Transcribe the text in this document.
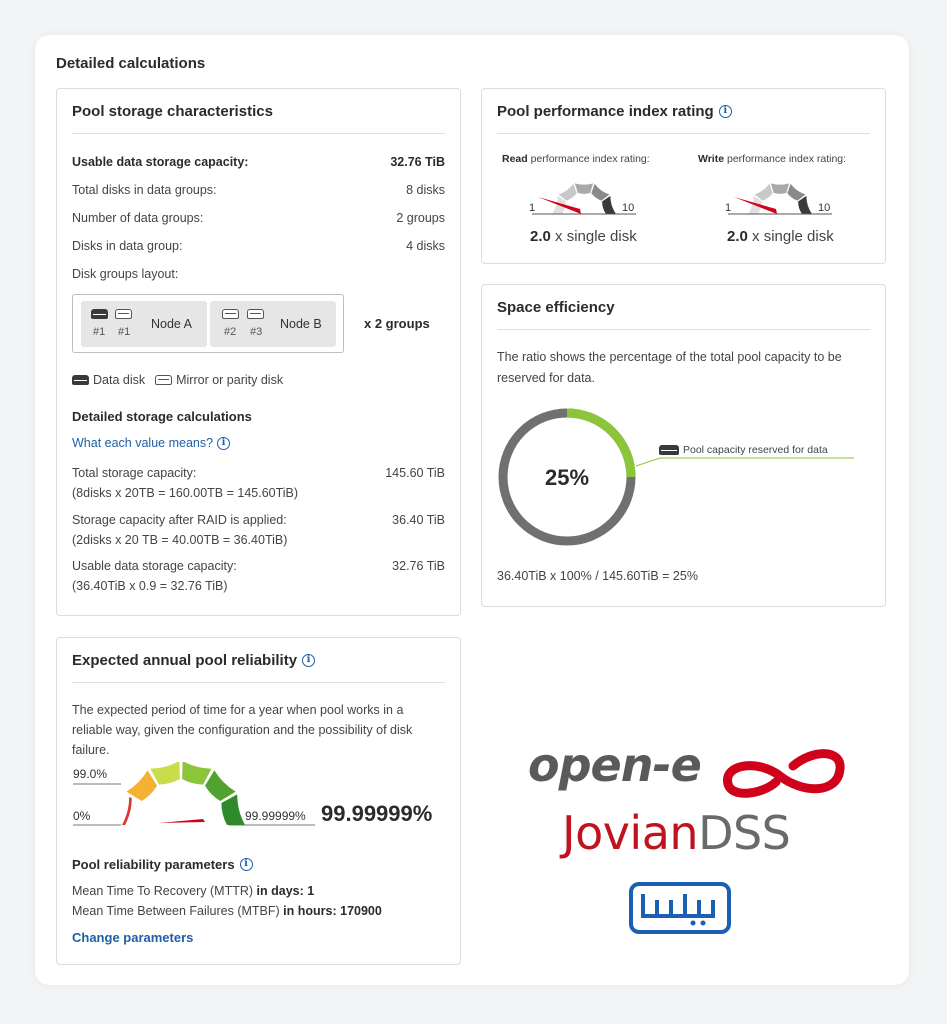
Detailed calculations
Pool storage characteristics
Usable data storage capacity:	32.76 TiB
Total disks in data groups:	8 disks
Number of data groups:	2 groups
Disks in data group:	4 disks
Disk groups layout:
#1 #1
Node A
#2 #3
Node B	x 2 groups
Data disk Mirror or parity disk
Detailed storage calculations
What each value means? i
Total storage capacity:	145.60 TiB
(8disks x 20TB = 160.00TB = 145.60TiB)
Storage capacity after RAID is applied:	36.40 TiB
(2disks x 20 TB = 40.00TB = 36.40TiB)
Usable data storage capacity:	32.76 TiB
(36.40TiB x 0.9 = 32.76 TiB)
Pool performance index rating i
Read performance index rating:	Write performance index rating:
1	10	1	10
2.0 x single disk	2.0 x single disk
Space efficiency
The ratio shows the percentage of the total pool capacity to be reserved for data.
25%
Pool capacity reserved for data
36.40TiB x 100% / 145.60TiB = 25%
Expected annual pool reliability i
The expected period of time for a year when pool works in a reliable way, given the configuration and the possibility of disk failure.
99.0%
0%	99.99999% 99.99999%
Pool reliability parameters i
Mean Time To Recovery (MTTR) in days: 1
Mean Time Between Failures (MTBF) in hours: 170900
Change parameters
open-e
JovianDSS
